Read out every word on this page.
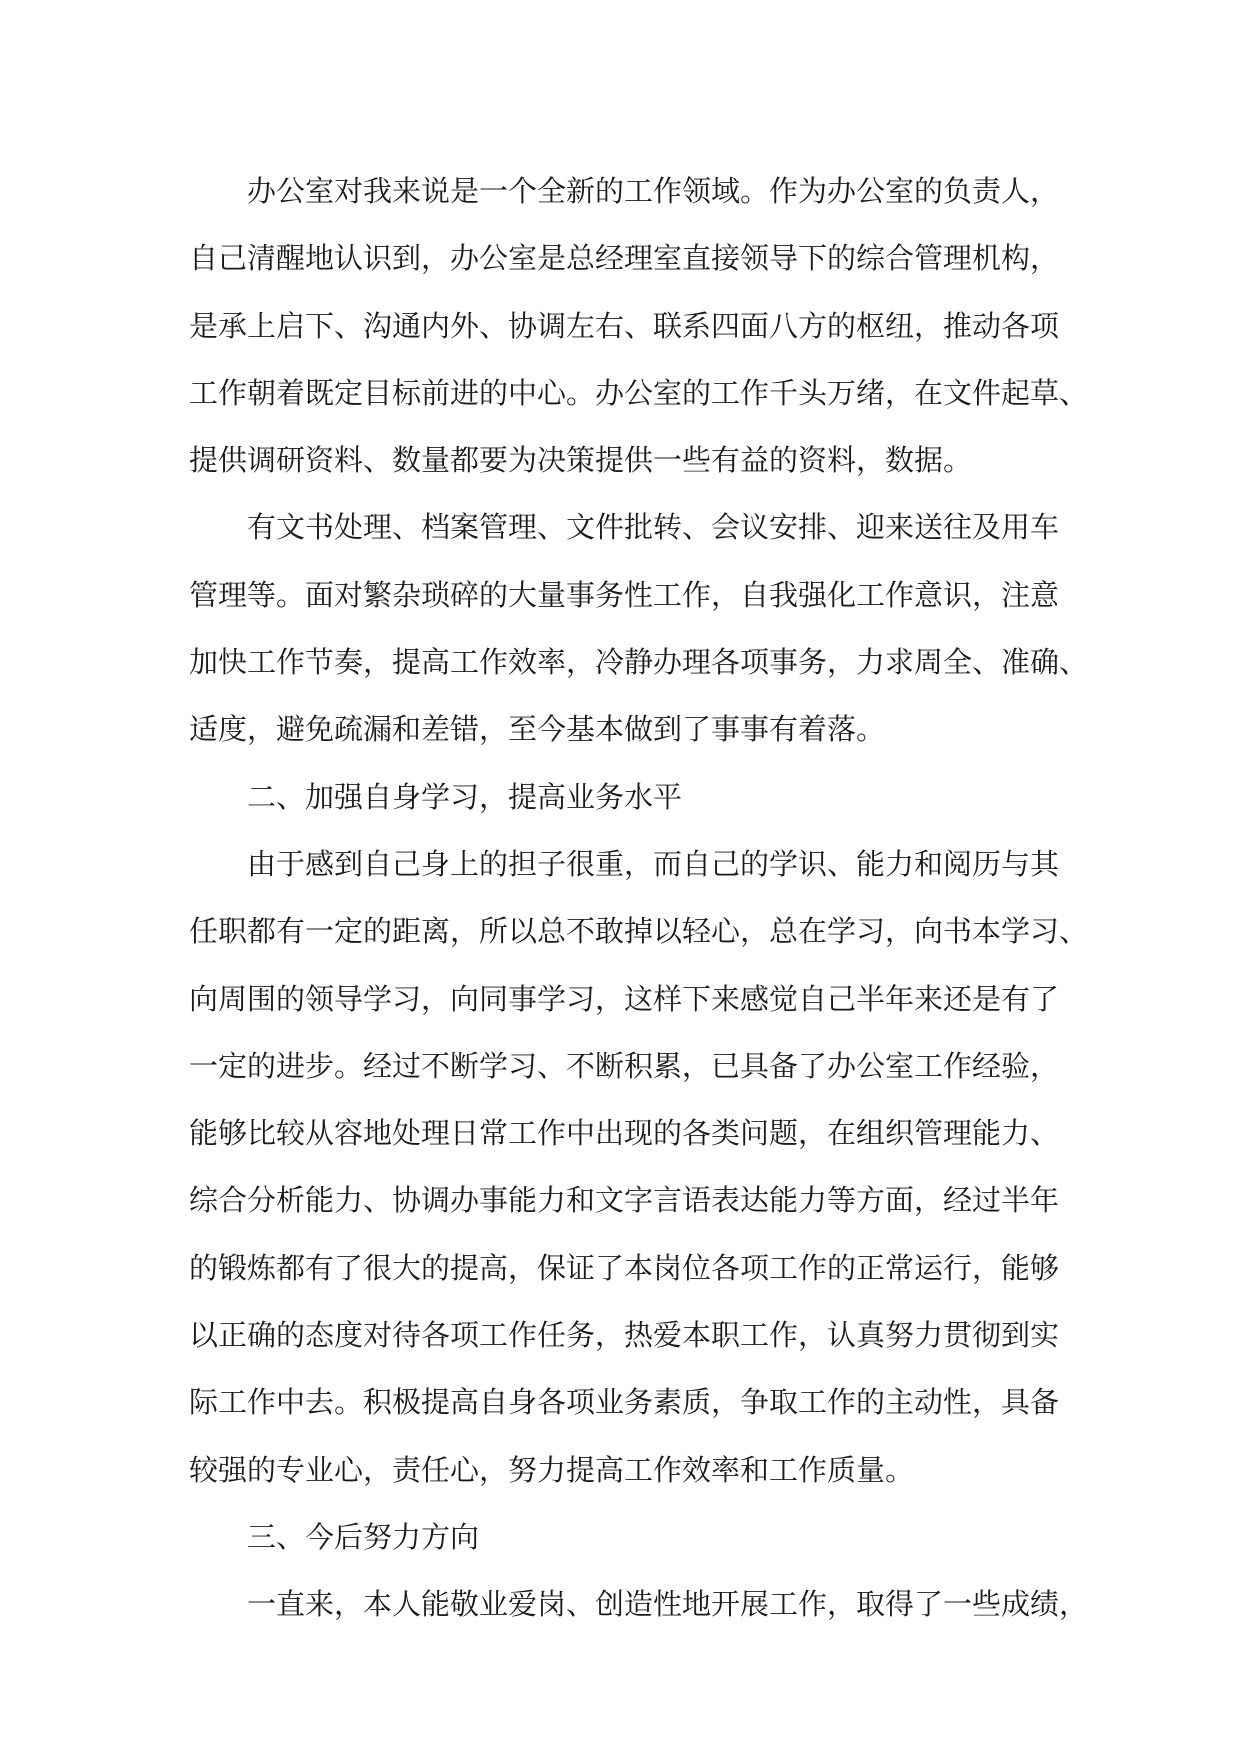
办公室对我来说是一个全新的工作领域。作为办公室的负责人，
自己清醒地认识到，办公室是总经理室直接领导下的综合管理机构，
是承上启下、沟通内外、协调左右、联系四面八方的枢纽，推动各项
工作朝着既定目标前进的中心。办公室的工作千头万绪，在文件起草、
提供调研资料、数量都要为决策提供一些有益的资料，数据。
有文书处理、档案管理、文件批转、会议安排、迎来送往及用车
管理等。面对繁杂琐碎的大量事务性工作，自我强化工作意识，注意
加快工作节奏，提高工作效率，冷静办理各项事务，力求周全、准确、
适度，避免疏漏和差错，至今基本做到了事事有着落。
二、加强自身学习，提高业务水平
由于感到自己身上的担子很重，而自己的学识、能力和阅历与其
任职都有一定的距离，所以总不敢掉以轻心，总在学习，向书本学习、
向周围的领导学习，向同事学习，这样下来感觉自己半年来还是有了
一定的进步。经过不断学习、不断积累，已具备了办公室工作经验，
能够比较从容地处理日常工作中出现的各类问题，在组织管理能力、
综合分析能力、协调办事能力和文字言语表达能力等方面，经过半年
的锻炼都有了很大的提高，保证了本岗位各项工作的正常运行，能够
以正确的态度对待各项工作任务，热爱本职工作，认真努力贯彻到实
际工作中去。积极提高自身各项业务素质，争取工作的主动性，具备
较强的专业心，责任心，努力提高工作效率和工作质量。
三、今后努力方向
一直来，本人能敬业爱岗、创造性地开展工作，取得了一些成绩，
